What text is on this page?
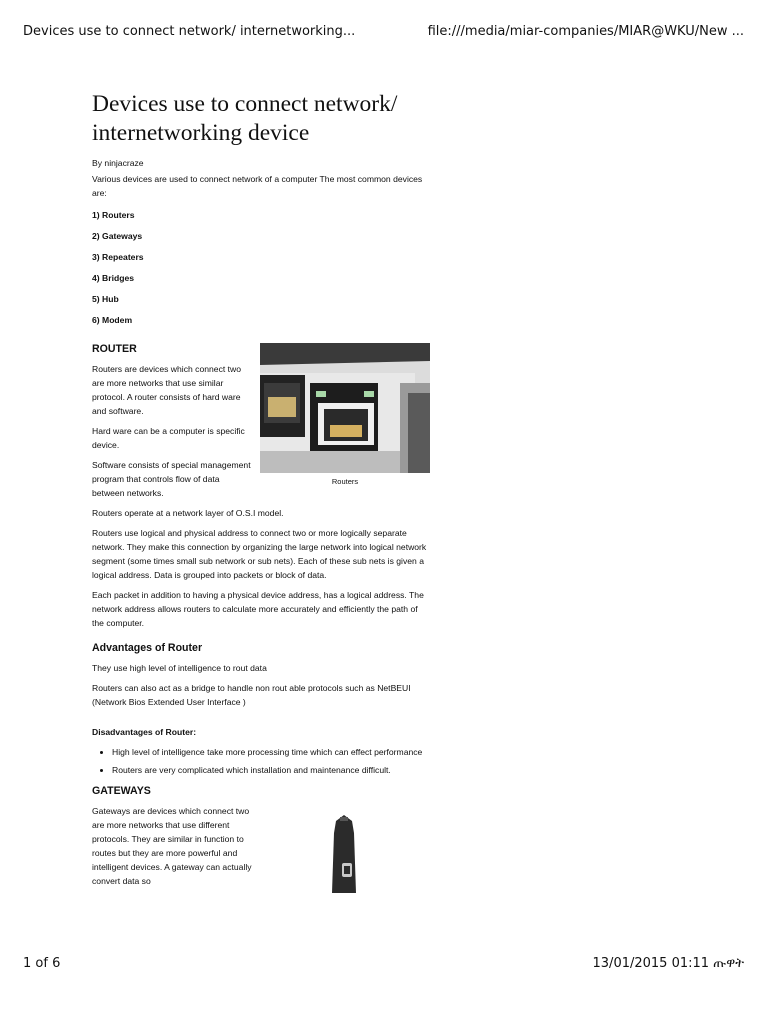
Devices use to connect network/ internetworking...	file:///media/miar-companies/MIAR@WKU/New ...
Devices use to connect network/
internetworking device
By ninjacraze

Various devices are used to connect network of a computer The most common devices are:

1) Routers
2) Gateways
3) Repeaters
4) Bridges
5) Hub
6) Modem
Routers
ROUTER

Routers are devices which connect two are more networks that use similar protocol. A router consists of hard ware and software.

Hard ware can be a computer is specific device.

Software consists of special management program that controls flow of data between networks.

Routers operate at a network layer of O.S.I model.

Routers use logical and physical address to connect two or more logically separate network. They make this connection by organizing the large network into logical network segment (some times small sub network or sub nets). Each of these sub nets is given a logical address. Data is grouped into packets or block of data.

Each packet in addition to having a physical device address, has a logical address. The network address allows routers to calculate more accurately and efficiently the path of the computer.

Advantages of Router

They use high level of intelligence to rout data

Routers can also act as a bridge to handle non rout able protocols such as NetBEUI (Network Bios Extended User Interface )

Disadvantages of Router:
• High level of intelligence take more processing time which can effect performance
• Routers are very complicated which installation and maintenance difficult.
GATEWAYS

Gateways are devices which connect two are more networks that use different protocols. They are similar in function to routes but they are more powerful and intelligent devices. A gateway can actually convert data so

1 of 6	13/01/2015 01:11 ጡዋት
